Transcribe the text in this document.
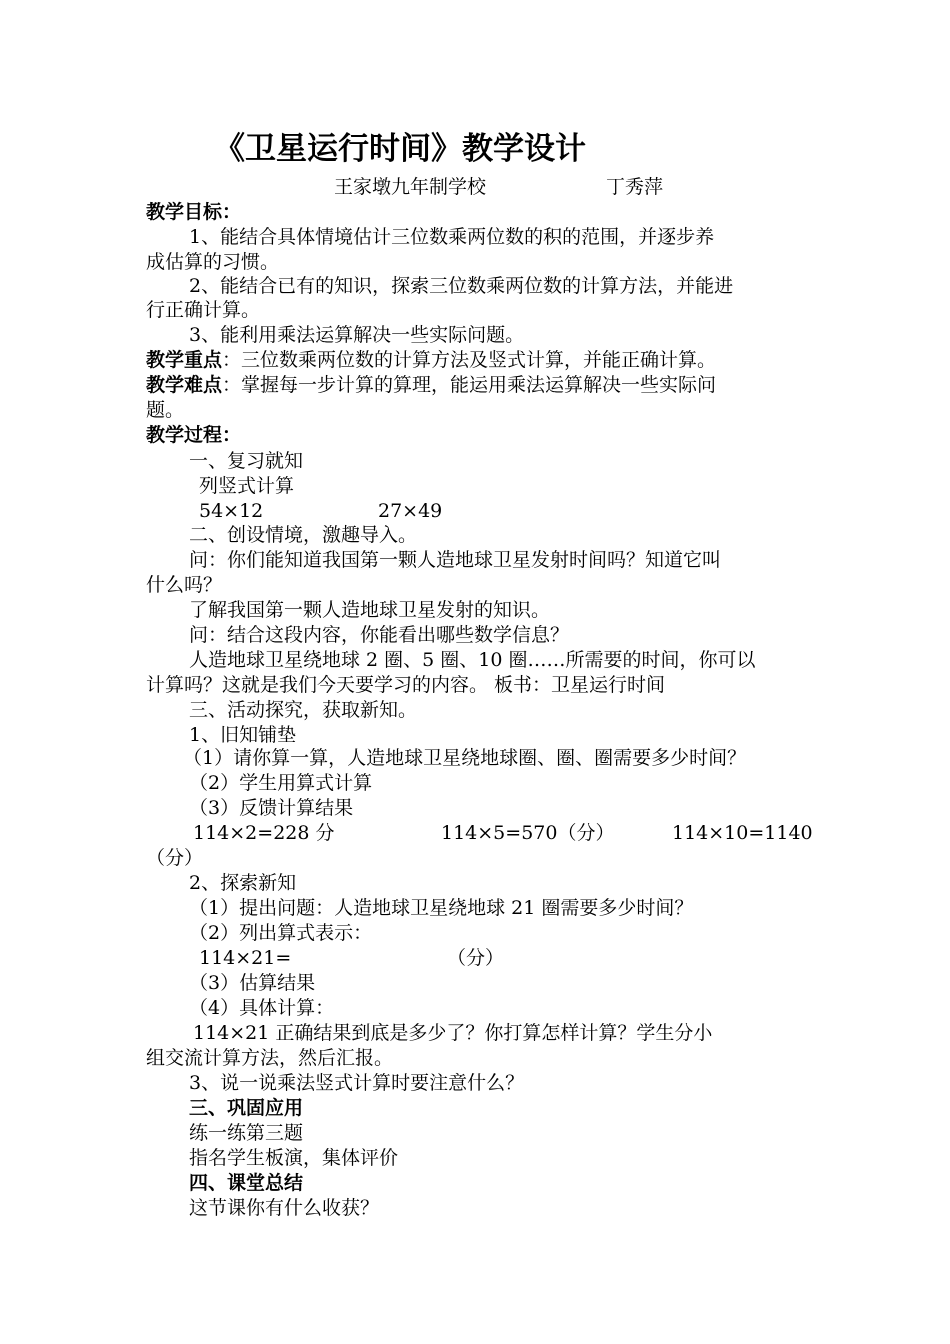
《卫星运行时间》教学设计
王家墩九年制学校	丁秀萍
教学目标：
1、能结合具体情境估计三位数乘两位数的积的范围，并逐步养
成估算的习惯。
2、能结合已有的知识，探索三位数乘两位数的计算方法，并能进
行正确计算。
3、能利用乘法运算解决一些实际问题。
教学重点：三位数乘两位数的计算方法及竖式计算，并能正确计算。
教学难点：掌握每一步计算的算理，能运用乘法运算解决一些实际问
题。
教学过程：
一、复习就知
列竖式计算
54×12	27×49
二、创设情境，激趣导入。
问：你们能知道我国第一颗人造地球卫星发射时间吗？知道它叫
什么吗？
了解我国第一颗人造地球卫星发射的知识。
问：结合这段内容，你能看出哪些数学信息？
人造地球卫星绕地球 2 圈、5 圈、10 圈……所需要的时间，你可以
计算吗？这就是我们今天要学习的内容。 板书：卫星运行时间
三、活动探究，获取新知。
1、旧知铺垫
（1）请你算一算，人造地球卫星绕地球圈、圈、圈需要多少时间？
（2）学生用算式计算
（3）反馈计算结果
114×2=228 分	114×5=570（分）	114×10=1140
（分）
2、探索新知
（1）提出问题：人造地球卫星绕地球 21 圈需要多少时间？
（2）列出算式表示：
114×21=	（分）
（3）估算结果
（4）具体计算：
114×21 正确结果到底是多少了？你打算怎样计算？学生分小
组交流计算方法，然后汇报。
3、说一说乘法竖式计算时要注意什么？
三、巩固应用
练一练第三题
指名学生板演，集体评价
四、课堂总结
这节课你有什么收获？
